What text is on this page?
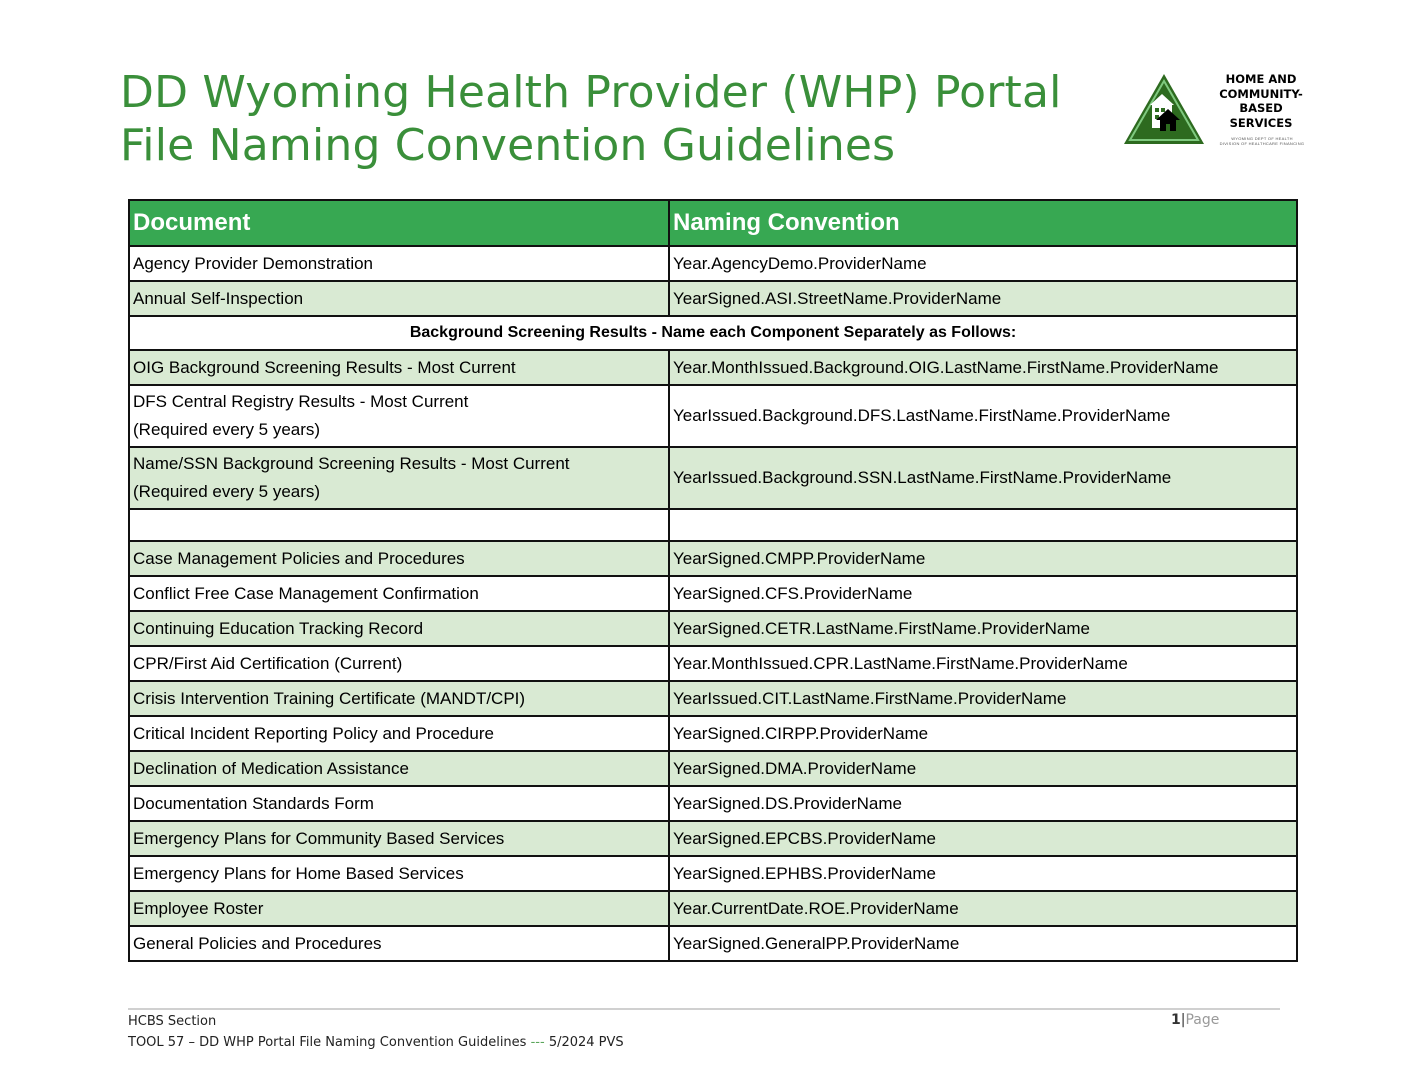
DD Wyoming Health Provider (WHP) Portal
File Naming Convention Guidelines
HOME AND
COMMUNITY-
BASED
SERVICES
WYOMING DEPT OF HEALTH
DIVISION OF HEALTHCARE FINANCING
Document	Naming Convention
Agency Provider Demonstration	Year.AgencyDemo.ProviderName
Annual Self-Inspection	YearSigned.ASI.StreetName.ProviderName
Background Screening Results - Name each Component Separately as Follows:	
OIG Background Screening Results - Most Current	Year.MonthIssued.Background.OIG.LastName.FirstName.ProviderName

DFS Central Registry Results - Most Current
(Required every 5 years)	YearIssued.Background.DFS.LastName.FirstName.ProviderName

Name/SSN Background Screening Results - Most Current
(Required every 5 years)	YearIssued.Background.SSN.LastName.FirstName.ProviderName

Case Management Policies and Procedures	YearSigned.CMPP.ProviderName
Conflict Free Case Management Confirmation	YearSigned.CFS.ProviderName
Continuing Education Tracking Record	YearSigned.CETR.LastName.FirstName.ProviderName
CPR/First Aid Certification (Current)	Year.MonthIssued.CPR.LastName.FirstName.ProviderName
Crisis Intervention Training Certificate (MANDT/CPI)	YearIssued.CIT.LastName.FirstName.ProviderName
Critical Incident Reporting Policy and Procedure	YearSigned.CIRPP.ProviderName
Declination of Medication Assistance	YearSigned.DMA.ProviderName
Documentation Standards Form	YearSigned.DS.ProviderName
Emergency Plans for Community Based Services	YearSigned.EPCBS.ProviderName
Emergency Plans for Home Based Services	YearSigned.EPHBS.ProviderName
Employee Roster	Year.CurrentDate.ROE.ProviderName
General Policies and Procedures	YearSigned.GeneralPP.ProviderName
HCBS Section
TOOL 57 – DD WHP Portal File Naming Convention Guidelines --- 5/2024 PVS
1|Page
